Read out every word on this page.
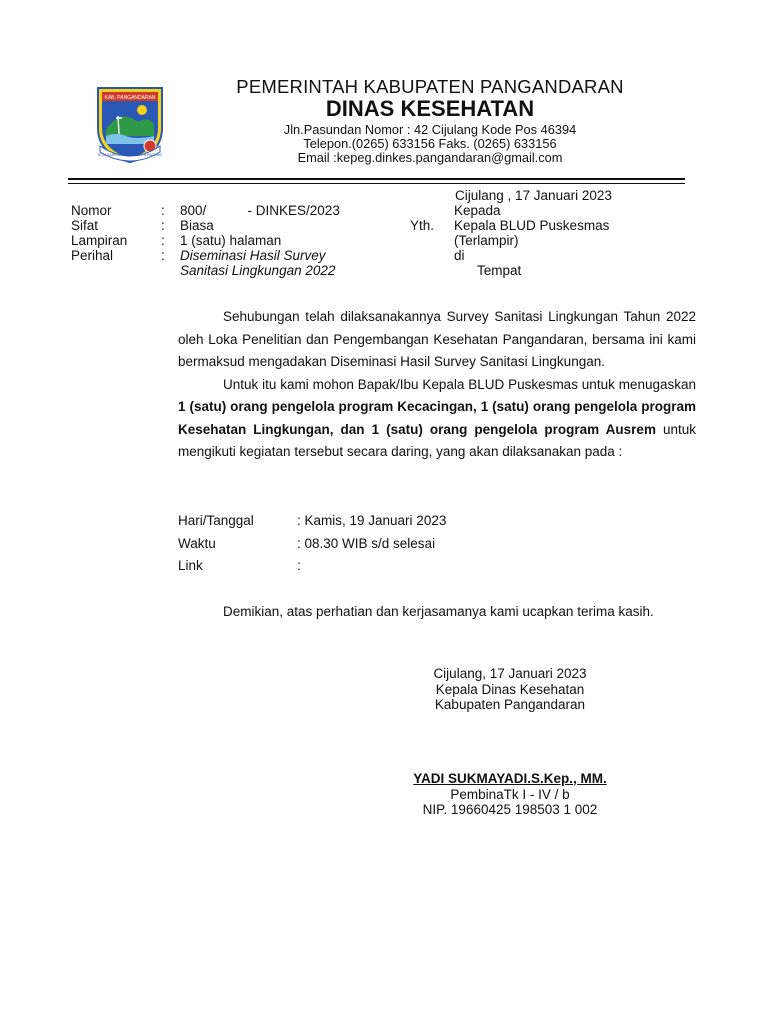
KAB. PANGANDARAN
SITU SARIUS MANGAKARTA PAGANG
PEMERINTAH KABUPATEN PANGANDARAN
DINAS KESEHATAN
Jln.Pasundan Nomor : 42 Cijulang Kode Pos 46394
Telepon.(0265) 633156 Faks. (0265) 633156
Email :kepeg.dinkes.pangandaran@gmail.com
Cijulang , 17 Januari 2023
Kepada
Yth. Kepala BLUD Puskesmas
(Terlampir)
di
Tempat
Nomor	: 800/           - DINKES/2023
Sifat	: Biasa
Lampiran : 1 (satu) halaman
Perihal	: Diseminasi Hasil Survey
Sanitasi Lingkungan 2022

Sehubungan telah dilaksanakannya Survey Sanitasi Lingkungan Tahun 2022 oleh Loka Penelitian dan Pengembangan Kesehatan Pangandaran, bersama ini kami bermaksud mengadakan Diseminasi Hasil Survey Sanitasi Lingkungan.

Untuk itu kami mohon Bapak/Ibu Kepala BLUD Puskesmas untuk menugaskan 1 (satu) orang pengelola program Kecacingan, 1 (satu) orang pengelola program Kesehatan Lingkungan, dan 1 (satu) orang pengelola program Ausrem untuk mengikuti kegiatan tersebut secara daring, yang akan dilaksanakan pada :

Hari/Tanggal	: Kamis, 19 Januari 2023
Waktu	: 08.30 WIB s/d selesai
Link	:

Demikian, atas perhatian dan kerjasamanya kami ucapkan terima kasih.

Cijulang, 17 Januari 2023
Kepala Dinas Kesehatan
Kabupaten Pangandaran
YADI SUKMAYADI.S.Kep., MM.
PembinaTk I - IV / b
NIP. 19660425 198503 1 002
